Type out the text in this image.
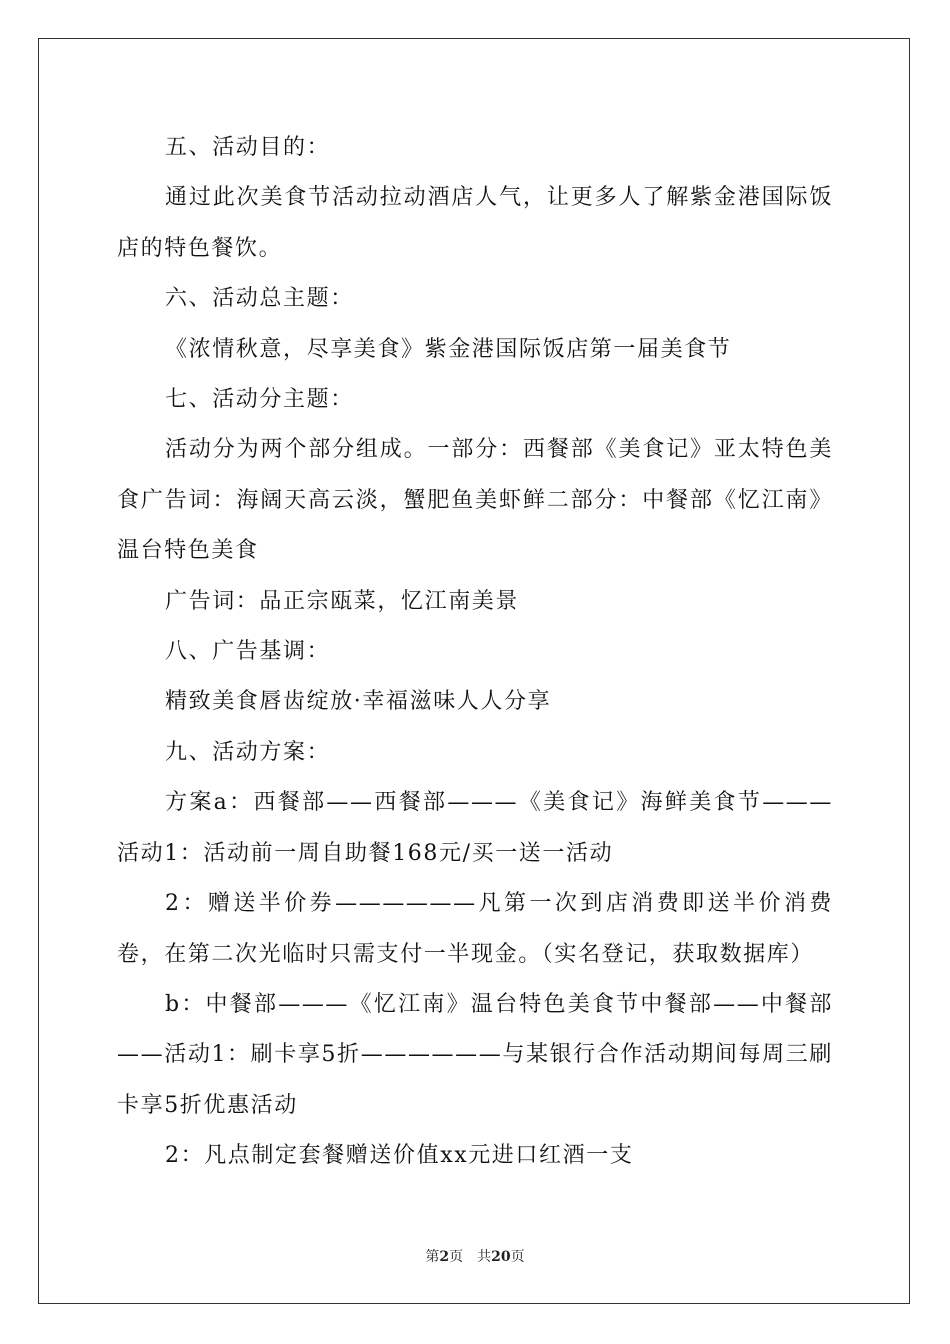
五、活动目的：

通过此次美食节活动拉动酒店人气，让更多人了解紫金港国际饭店的特色餐饮。

六、活动总主题：

《浓情秋意，尽享美食》紫金港国际饭店第一届美食节

七、活动分主题：

活动分为两个部分组成。一部分：西餐部《美食记》亚太特色美食广告词：海阔天高云淡，蟹肥鱼美虾鲜二部分：中餐部《忆江南》温台特色美食

广告词：品正宗瓯菜，忆江南美景

八、广告基调：

精致美食唇齿绽放·幸福滋味人人分享

九、活动方案：

方案a：西餐部——西餐部———《美食记》海鲜美食节———活动1：活动前一周自助餐168元/买一送一活动

2：赠送半价券——————凡第一次到店消费即送半价消费卷，在第二次光临时只需支付一半现金。（实名登记，获取数据库）

b：中餐部———《忆江南》温台特色美食节中餐部——中餐部——活动1：刷卡享5折——————与某银行合作活动期间每周三刷卡享5折优惠活动

2：凡点制定套餐赠送价值xx元进口红酒一支

第2页　共20页
